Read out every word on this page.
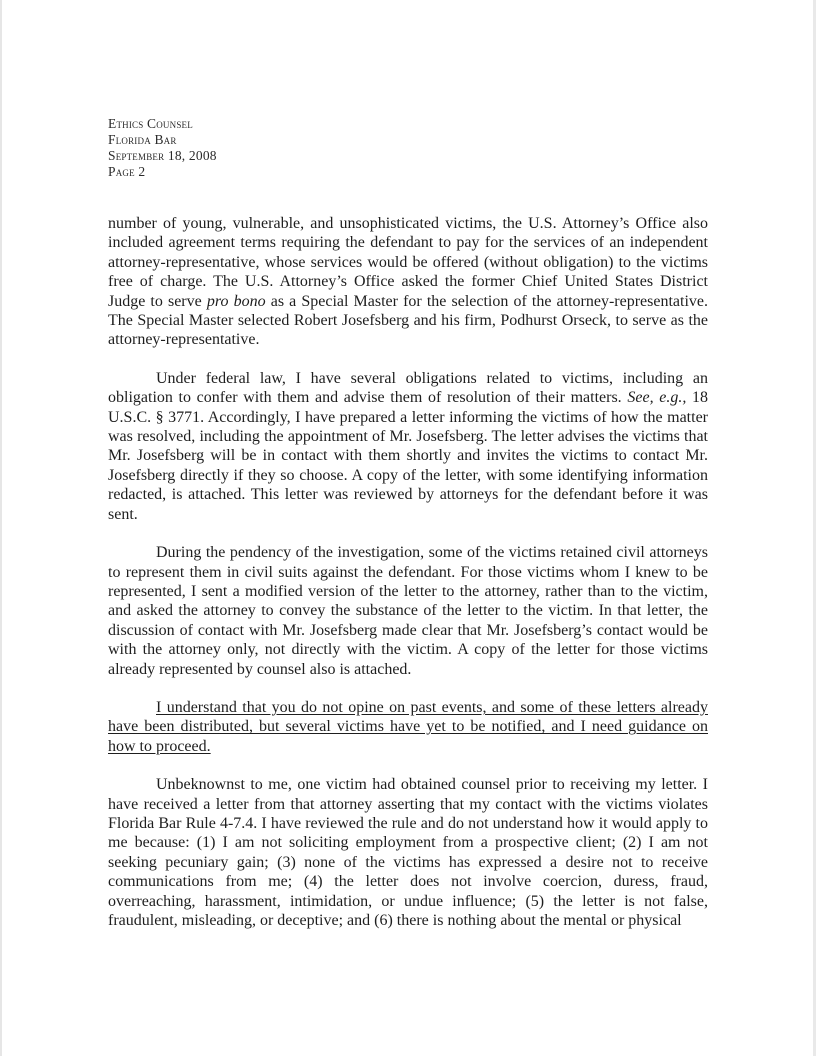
Ethics Counsel
Florida Bar
September 18, 2008
Page 2

number of young, vulnerable, and unsophisticated victims, the U.S. Attorney’s Office also included agreement terms requiring the defendant to pay for the services of an independent attorney-representative, whose services would be offered (without obligation) to the victims free of charge. The U.S. Attorney’s Office asked the former Chief United States District Judge to serve pro bono as a Special Master for the selection of the attorney-representative. The Special Master selected Robert Josefsberg and his firm, Podhurst Orseck, to serve as the attorney-representative.

Under federal law, I have several obligations related to victims, including an obligation to confer with them and advise them of resolution of their matters. See, e.g., 18 U.S.C. § 3771. Accordingly, I have prepared a letter informing the victims of how the matter was resolved, including the appointment of Mr. Josefsberg. The letter advises the victims that Mr. Josefsberg will be in contact with them shortly and invites the victims to contact Mr. Josefsberg directly if they so choose. A copy of the letter, with some identifying information redacted, is attached. This letter was reviewed by attorneys for the defendant before it was sent.

During the pendency of the investigation, some of the victims retained civil attorneys to represent them in civil suits against the defendant. For those victims whom I knew to be represented, I sent a modified version of the letter to the attorney, rather than to the victim, and asked the attorney to convey the substance of the letter to the victim. In that letter, the discussion of contact with Mr. Josefsberg made clear that Mr. Josefsberg’s contact would be with the attorney only, not directly with the victim. A copy of the letter for those victims already represented by counsel also is attached.

I understand that you do not opine on past events, and some of these letters already have been distributed, but several victims have yet to be notified, and I need guidance on how to proceed.

Unbeknownst to me, one victim had obtained counsel prior to receiving my letter. I have received a letter from that attorney asserting that my contact with the victims violates Florida Bar Rule 4-7.4. I have reviewed the rule and do not understand how it would apply to me because: (1) I am not soliciting employment from a prospective client; (2) I am not seeking pecuniary gain; (3) none of the victims has expressed a desire not to receive communications from me; (4) the letter does not involve coercion, duress, fraud, overreaching, harassment, intimidation, or undue influence; (5) the letter is not false, fraudulent, misleading, or deceptive; and (6) there is nothing about the mental or physical
